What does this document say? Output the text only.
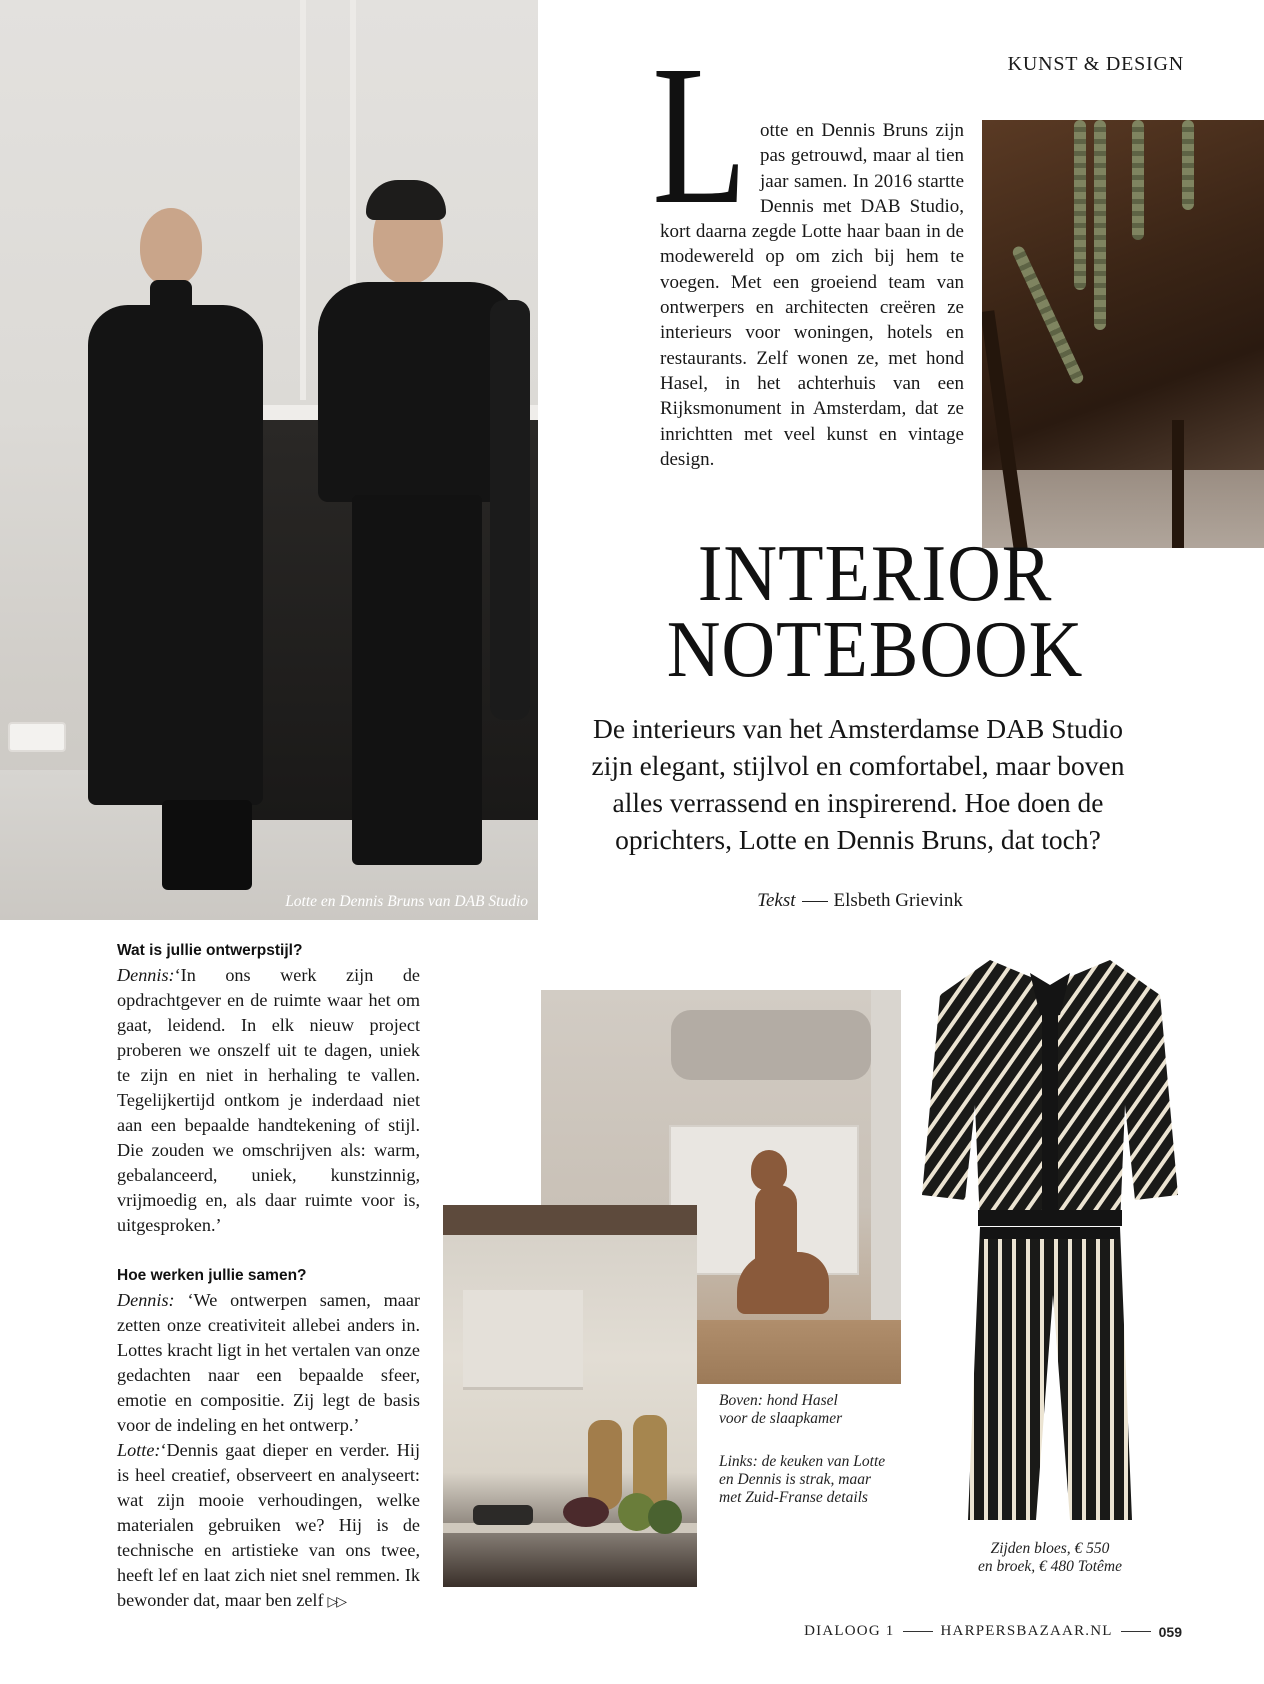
Lotte en Dennis Bruns van DAB Studio
KUNST & DESIGN
L otte en Dennis Bruns zijn pas getrouwd, maar al tien jaar samen. In 2016 startte Dennis met DAB Studio, kort daarna zegde Lotte haar baan in de modewereld op om zich bij hem te voegen. Met een groeiend team van ontwerpers en architecten creëren ze interieurs voor woningen, hotels en restaurants. Zelf wonen ze, met hond Hasel, in het achterhuis van een Rijksmonument in Amsterdam, dat ze inrichtten met veel kunst en vintage design.
INTERIOR
NOTEBOOK
De interieurs van het Amsterdamse DAB Studio zijn elegant, stijlvol en comfortabel, maar boven alles verrassend en inspirerend. Hoe doen de oprichters, Lotte en Dennis Bruns, dat toch?
Tekst Elsbeth Grievink

Wat is jullie ontwerpstijl?

Dennis:‘In ons werk zijn de opdrachtgever en de ruimte waar het om gaat, leidend. In elk nieuw project proberen we onszelf uit te dagen, uniek te zijn en niet in herhaling te vallen. Tegelijkertijd ontkom je inderdaad niet aan een bepaalde handtekening of stijl. Die zouden we omschrijven als: warm, gebalanceerd, uniek, kunstzinnig, vrijmoedig en, als daar ruimte voor is, uitgesproken.’

Hoe werken jullie samen?

Dennis: ‘We ontwerpen samen, maar zetten onze creativiteit allebei anders in. Lottes kracht ligt in het vertalen van onze gedachten naar een bepaalde sfeer, emotie en compositie. Zij legt de basis voor de indeling en het ontwerp.’

Lotte:‘Dennis gaat dieper en verder. Hij is heel creatief, observeert en analyseert: wat zijn mooie verhoudingen, welke materialen gebruiken we? Hij is de technische en artistieke van ons twee, heeft lef en laat zich niet snel remmen. Ik bewonder dat, maar ben zelf ▷▷

Boven: hond Hasel
voor de slaapkamer
Links: de keuken van Lotte
en Dennis is strak, maar
met Zuid-Franse details
Zijden bloes, € 550
en broek, € 480 Totême
DIALOOG 1	HARPERSBAZAAR.NL	059
